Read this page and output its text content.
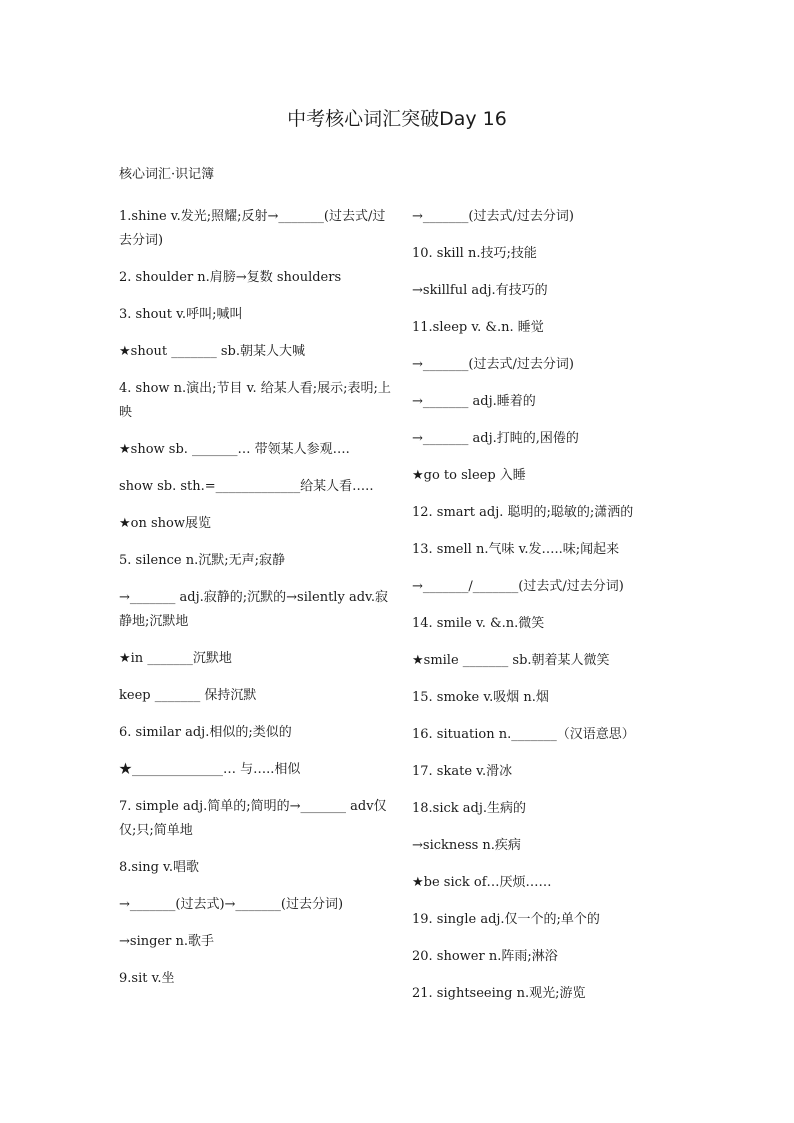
中考核心词汇突破Day 16
核心词汇·识记簿
1.shine v.发光;照耀;反射→_______(过去式/过去分词)
2. shoulder n.肩膀→复数 shoulders
3. shout v.呼叫;喊叫
★shout _______ sb.朝某人大喊
4. show n.演出;节目 v. 给某人看;展示;表明;上映
★show sb. _______… 带领某人参观….
show sb. sth.=_____________给某人看…..
★on show展览
5. silence n.沉默;无声;寂静
→_______ adj.寂静的;沉默的→silently adv.寂静地;沉默地
★in _______沉默地
keep _______ 保持沉默
6. similar adj.相似的;类似的
★______________… 与…..相似
7. simple adj.简单的;简明的→_______ adv仅仅;只;简单地
8.sing v.唱歌
→_______(过去式)→_______(过去分词)
→singer n.歌手
9.sit v.坐
→_______(过去式/过去分词)
10. skill n.技巧;技能
→skillful adj.有技巧的
11.sleep v. &.n. 睡觉
→_______(过去式/过去分词)
→_______ adj.睡着的
→_______ adj.打盹的,困倦的
★go to sleep 入睡
12. smart adj. 聪明的;聪敏的;潇洒的
13. smell n.气味 v.发…..味;闻起来
→_______/_______(过去式/过去分词)
14. smile v. &.n.微笑
★smile _______ sb.朝着某人微笑
15. smoke v.吸烟 n.烟
16. situation n._______（汉语意思）
17. skate v.滑冰
18.sick adj.生病的
→sickness n.疾病
★be sick of…厌烦……
19. single adj.仅一个的;单个的
20. shower n.阵雨;淋浴
21. sightseeing n.观光;游览
